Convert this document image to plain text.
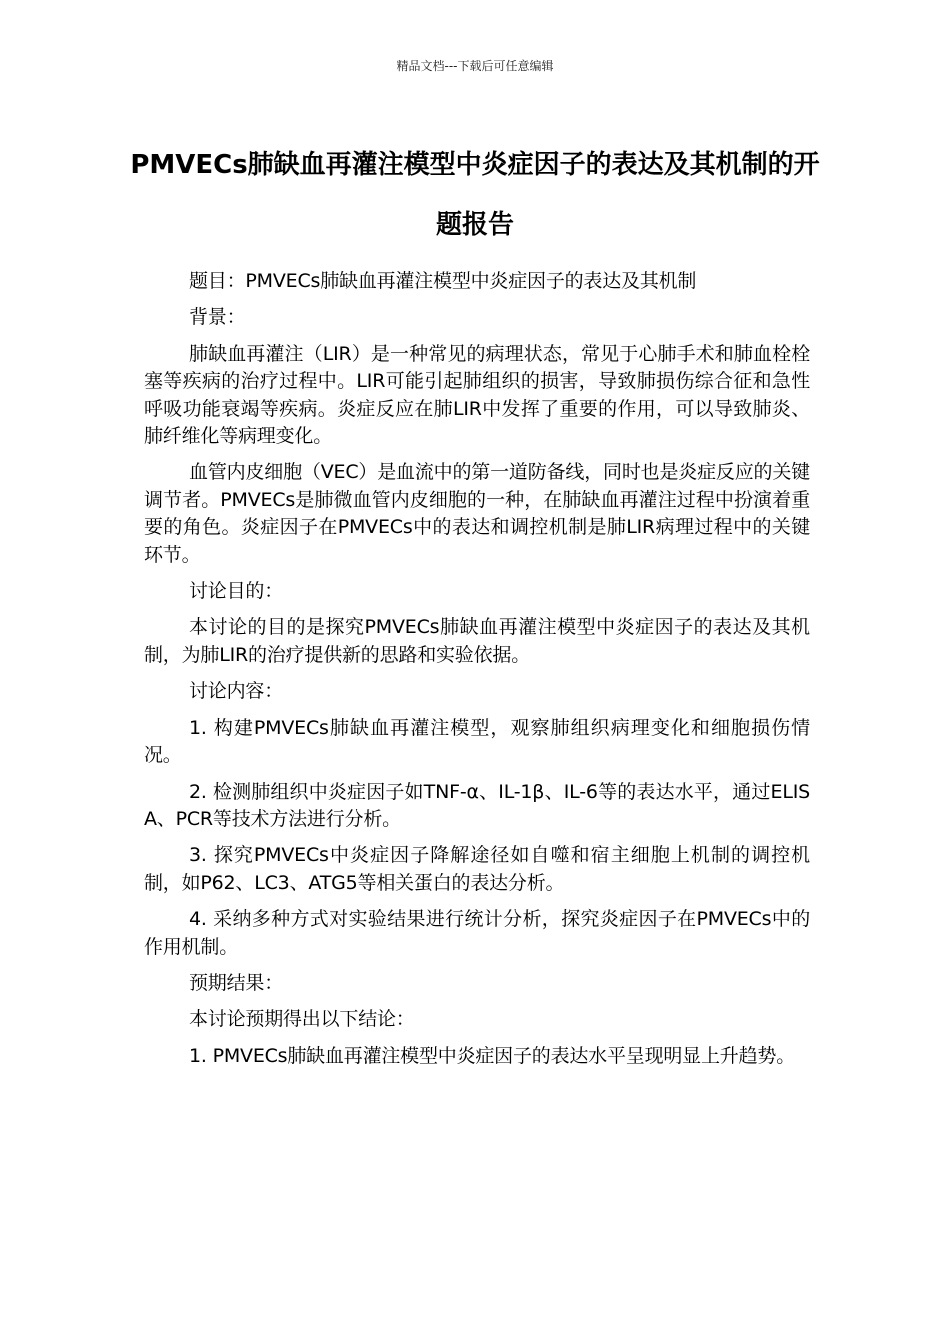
精品文档---下载后可任意编辑
PMVECs肺缺血再灌注模型中炎症因子的表达及其机制的开题报告

题目：PMVECs肺缺血再灌注模型中炎症因子的表达及其机制

背景：

肺缺血再灌注（LIR）是一种常见的病理状态，常见于心肺手术和肺血栓栓塞等疾病的治疗过程中。LIR可能引起肺组织的损害，导致肺损伤综合征和急性呼吸功能衰竭等疾病。炎症反应在肺LIR中发挥了重要的作用，可以导致肺炎、肺纤维化等病理变化。

血管内皮细胞（VEC）是血流中的第一道防备线，同时也是炎症反应的关键调节者。PMVECs是肺微血管内皮细胞的一种，在肺缺血再灌注过程中扮演着重要的角色。炎症因子在PMVECs中的表达和调控机制是肺LIR病理过程中的关键环节。

讨论目的：

本讨论的目的是探究PMVECs肺缺血再灌注模型中炎症因子的表达及其机制，为肺LIR的治疗提供新的思路和实验依据。

讨论内容：

1. 构建PMVECs肺缺血再灌注模型，观察肺组织病理变化和细胞损伤情况。

2. 检测肺组织中炎症因子如TNF-α、IL-1β、IL-6等的表达水平，通过ELISA、PCR等技术方法进行分析。

3. 探究PMVECs中炎症因子降解途径如自噬和宿主细胞上机制的调控机制，如P62、LC3、ATG5等相关蛋白的表达分析。

4. 采纳多种方式对实验结果进行统计分析，探究炎症因子在PMVECs中的作用机制。

预期结果：

本讨论预期得出以下结论：

1. PMVECs肺缺血再灌注模型中炎症因子的表达水平呈现明显上升趋势。
